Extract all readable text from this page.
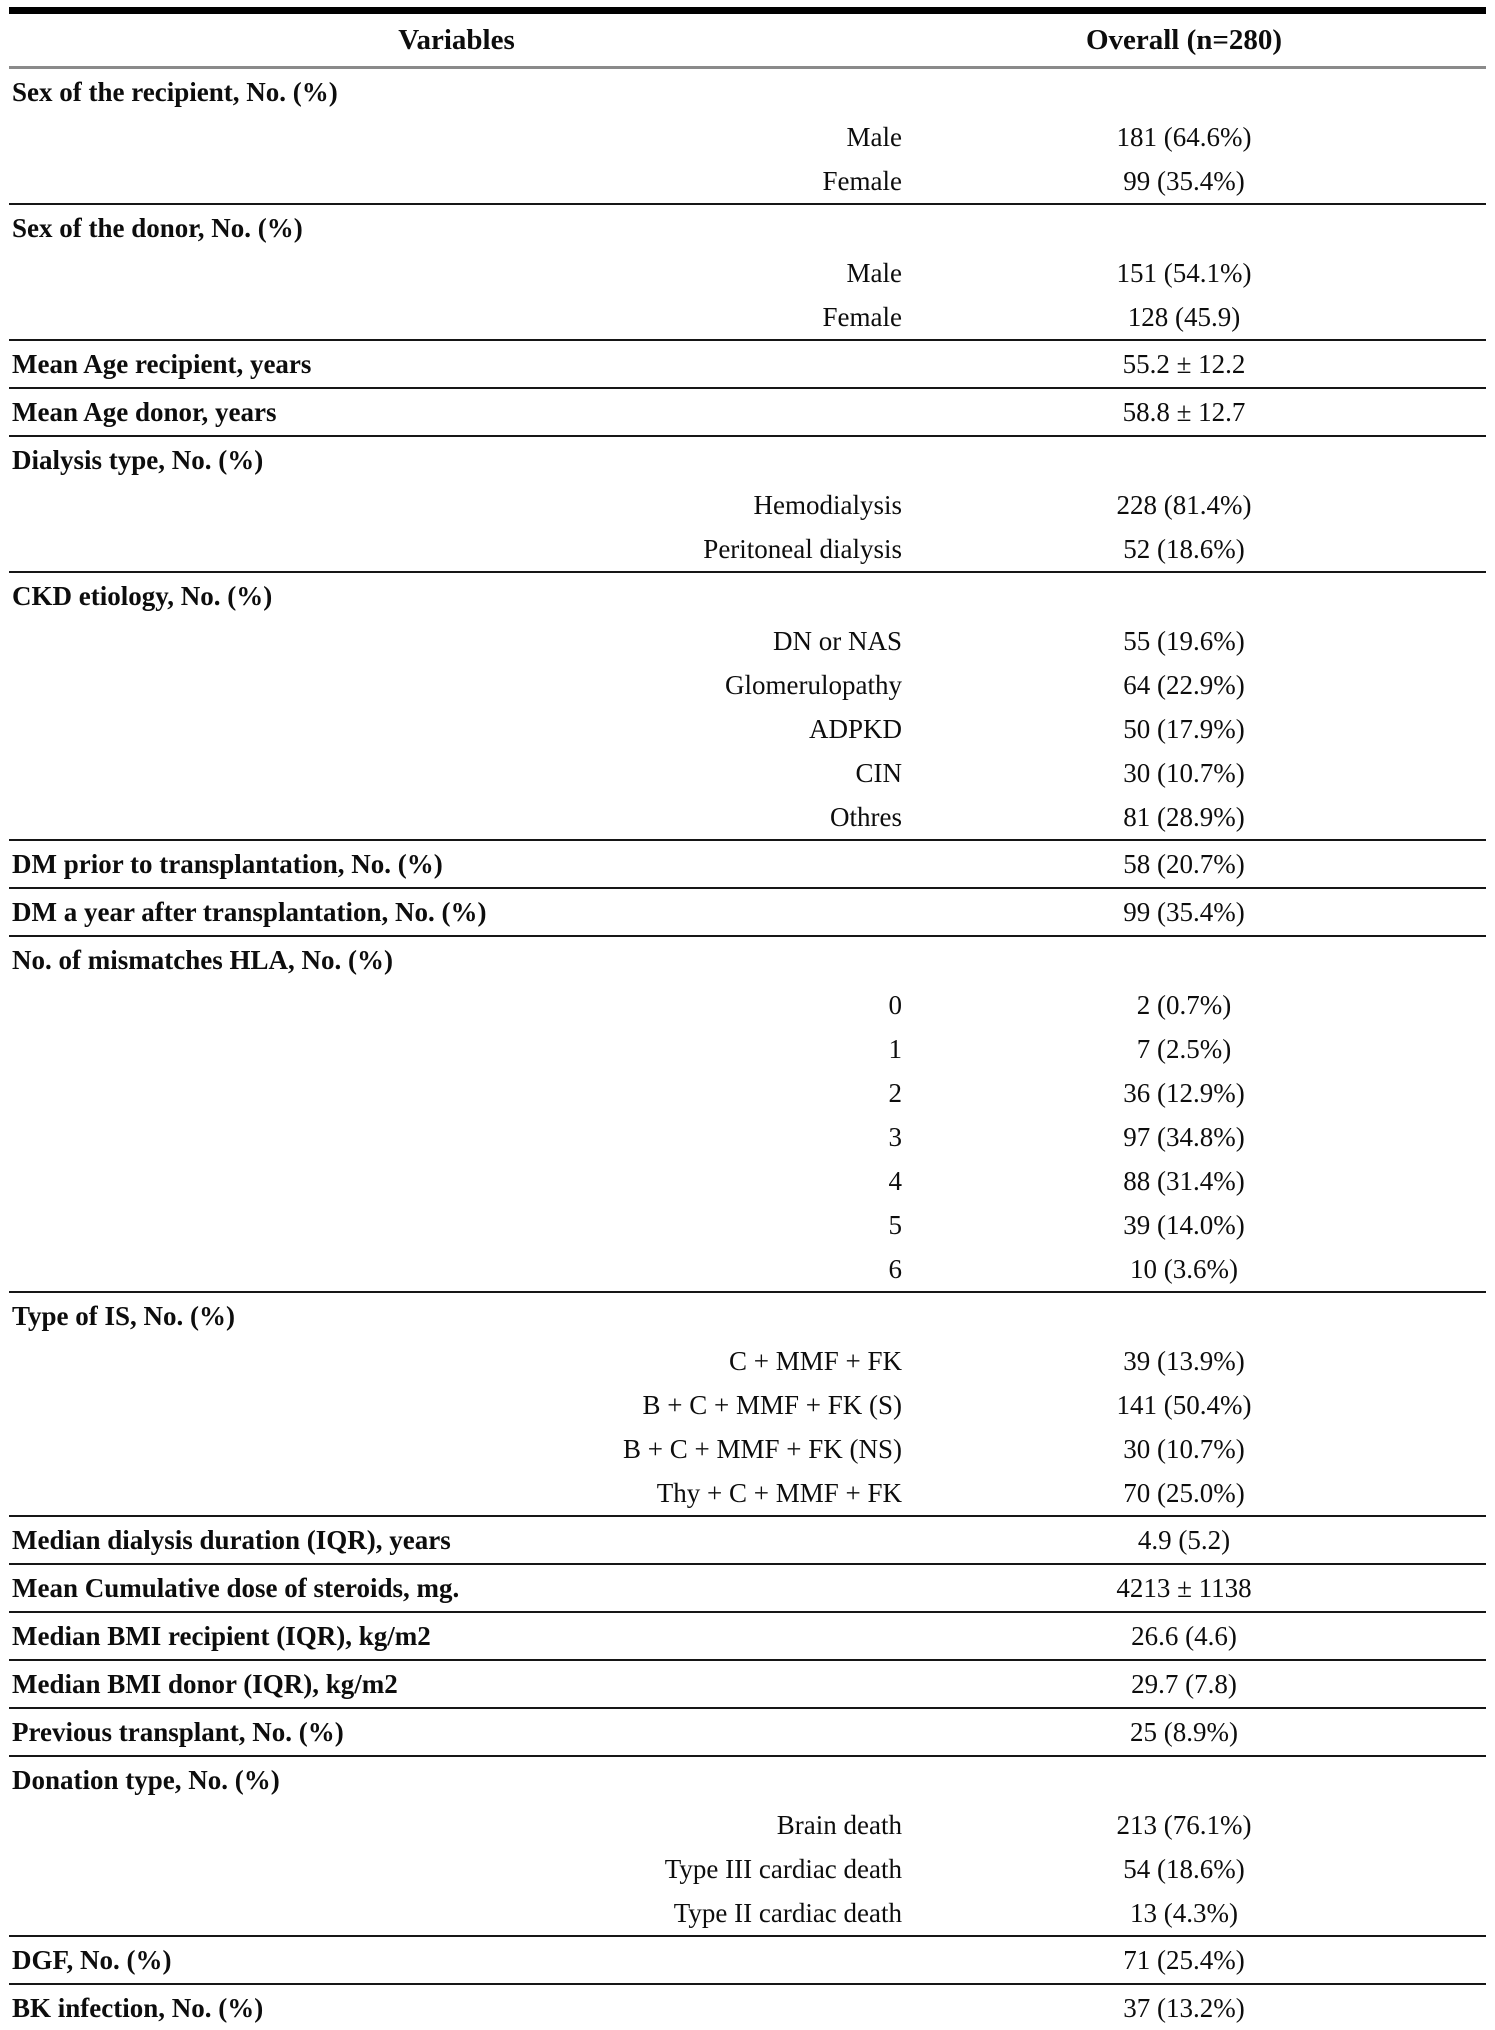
Variables	Overall (n=280)
Sex of the recipient, No. (%)	
Male	181 (64.6%)
Female	99 (35.4%)
Sex of the donor, No. (%)	
Male	151 (54.1%)
Female	128 (45.9)
Mean Age recipient, years	55.2 ± 12.2
Mean Age donor, years	58.8 ± 12.7
Dialysis type, No. (%)	
Hemodialysis	228 (81.4%)
Peritoneal dialysis	52 (18.6%)
CKD etiology, No. (%)	
DN or NAS	55 (19.6%)
Glomerulopathy	64 (22.9%)
ADPKD	50 (17.9%)
CIN	30 (10.7%)
Othres	81 (28.9%)
DM prior to transplantation, No. (%)	58 (20.7%)
DM a year after transplantation, No. (%)	99 (35.4%)
No. of mismatches HLA, No. (%)	
0	2 (0.7%)
1	7 (2.5%)
2	36 (12.9%)
3	97 (34.8%)
4	88 (31.4%)
5	39 (14.0%)
6	10 (3.6%)
Type of IS, No. (%)	
C + MMF + FK	39 (13.9%)
B + C + MMF + FK (S)	141 (50.4%)
B + C + MMF + FK (NS)	30 (10.7%)
Thy + C + MMF + FK	70 (25.0%)
Median dialysis duration (IQR), years	4.9 (5.2)
Mean Cumulative dose of steroids, mg.	4213 ± 1138
Median BMI recipient (IQR), kg/m2	26.6 (4.6)
Median BMI donor (IQR), kg/m2	29.7 (7.8)
Previous transplant, No. (%)	25 (8.9%)
Donation type, No. (%)	
Brain death	213 (76.1%)
Type III cardiac death	54 (18.6%)
Type II cardiac death	13 (4.3%)
DGF, No. (%)	71 (25.4%)
BK infection, No. (%)	37 (13.2%)
